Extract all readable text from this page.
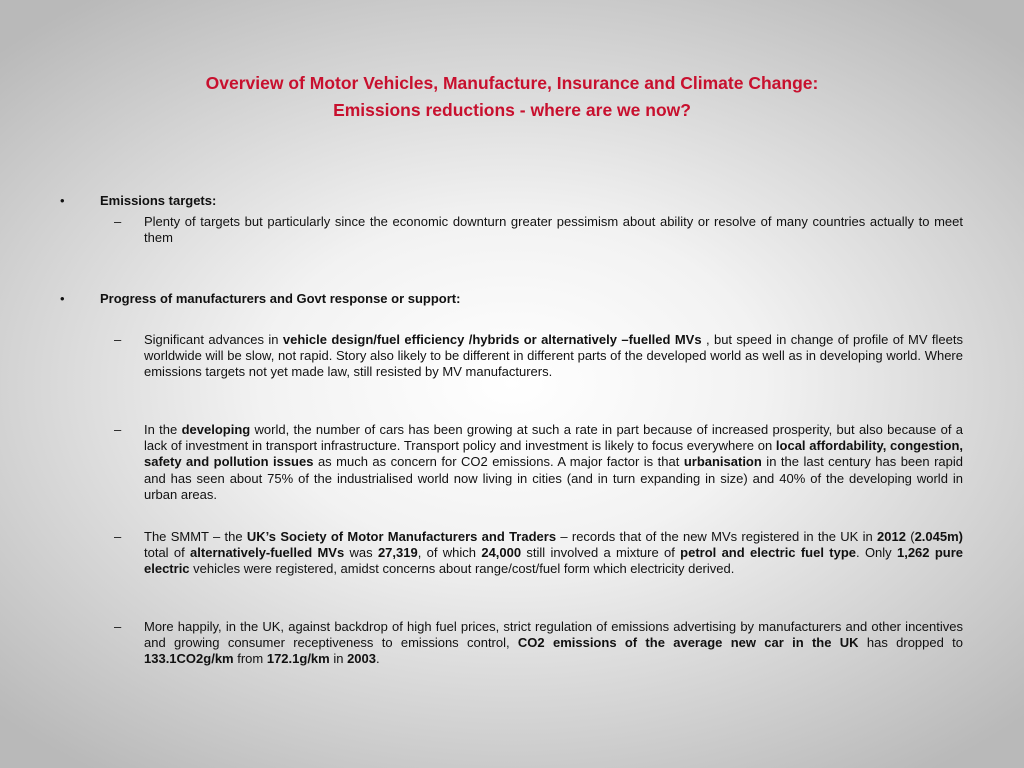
Overview of Motor Vehicles, Manufacture, Insurance and Climate Change:
Emissions reductions - where are we now?
•	Emissions targets:
– Plenty of targets but particularly since the economic downturn greater pessimism about ability or resolve of many countries actually to meet them
•	Progress of manufacturers and Govt response or support:
– Significant advances in vehicle design/fuel efficiency /hybrids or alternatively –fuelled MVs , but speed in change of profile of MV fleets worldwide will be slow, not rapid. Story also likely to be different in different parts of the developed world as well as in developing world. Where emissions targets not yet made law, still resisted by MV manufacturers.
– In the developing world, the number of cars has been growing at such a rate in part because of increased prosperity, but also because of a lack of investment in transport infrastructure. Transport policy and investment is likely to focus everywhere on local affordability, congestion, safety and pollution issues as much as concern for CO2 emissions. A major factor is that urbanisation in the last century has been rapid and has seen about 75% of the industrialised world now living in cities (and in turn expanding in size) and 40% of the developing world in urban areas.
– The SMMT – the UK’s Society of Motor Manufacturers and Traders – records that of the new MVs registered in the UK in 2012 (2.045m) total of alternatively-fuelled MVs was 27,319, of which 24,000 still involved a mixture of petrol and electric fuel type. Only 1,262 pure electric vehicles were registered, amidst concerns about range/cost/fuel form which electricity derived.
– More happily, in the UK, against backdrop of high fuel prices, strict regulation of emissions advertising by manufacturers and other incentives and growing consumer receptiveness to emissions control, CO2 emissions of the average new car in the UK has dropped to 133.1CO2g/km from 172.1g/km in 2003.
